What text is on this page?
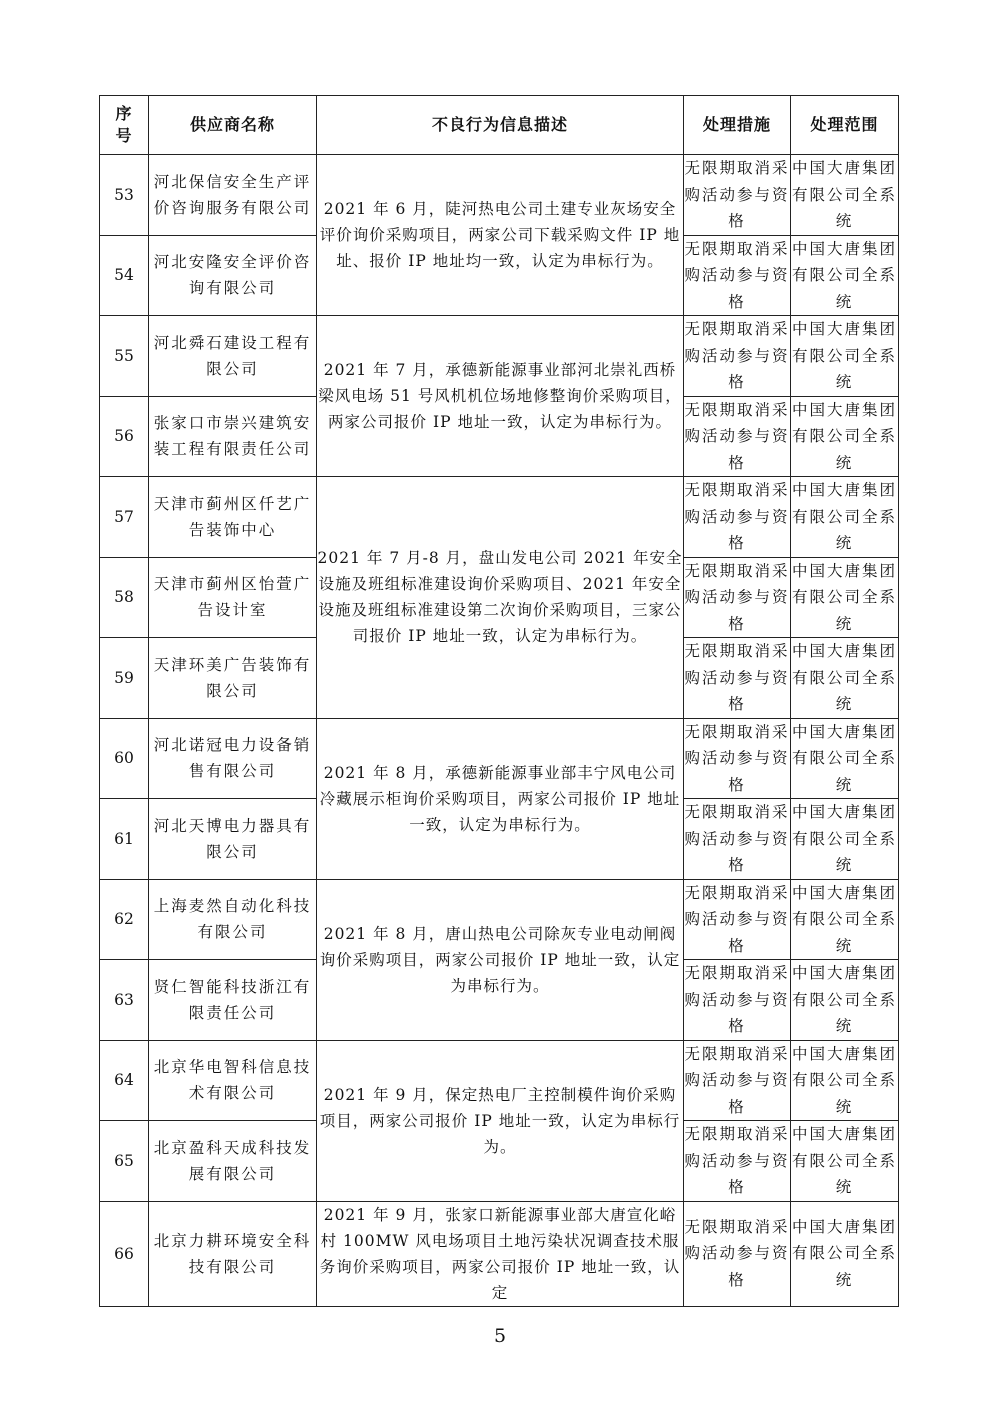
序号	供应商名称	不良行为信息描述	处理措施	处理范围
53	河北保信安全生产评价咨询服务有限公司	2021 年 6 月，陡河热电公司土建专业灰场安全评价询价采购项目，两家公司下载采购文件 IP 地址、报价 IP 地址均一致，认定为串标行为。	无限期取消采购活动参与资格	中国大唐集团有限公司全系统
54	河北安隆安全评价咨询有限公司		无限期取消采购活动参与资格	中国大唐集团有限公司全系统
55	河北舜石建设工程有限公司	2021 年 7 月，承德新能源事业部河北崇礼西桥梁风电场 51 号风机机位场地修整询价采购项目，两家公司报价 IP 地址一致，认定为串标行为。	无限期取消采购活动参与资格	中国大唐集团有限公司全系统
56	张家口市崇兴建筑安装工程有限责任公司		无限期取消采购活动参与资格	中国大唐集团有限公司全系统
57	天津市蓟州区仟艺广告装饰中心	2021 年 7 月-8 月，盘山发电公司 2021 年安全设施及班组标准建设询价采购项目、2021 年安全设施及班组标准建设第二次询价采购项目，三家公司报价 IP 地址一致，认定为串标行为。	无限期取消采购活动参与资格	中国大唐集团有限公司全系统
58	天津市蓟州区怡萱广告设计室		无限期取消采购活动参与资格	中国大唐集团有限公司全系统
59	天津环美广告装饰有限公司		无限期取消采购活动参与资格	中国大唐集团有限公司全系统
60	河北诺冠电力设备销售有限公司	2021 年 8 月，承德新能源事业部丰宁风电公司冷藏展示柜询价采购项目，两家公司报价 IP 地址一致，认定为串标行为。	无限期取消采购活动参与资格	中国大唐集团有限公司全系统
61	河北天博电力器具有限公司		无限期取消采购活动参与资格	中国大唐集团有限公司全系统
62	上海麦然自动化科技有限公司	2021 年 8 月，唐山热电公司除灰专业电动闸阀询价采购项目，两家公司报价 IP 地址一致，认定为串标行为。	无限期取消采购活动参与资格	中国大唐集团有限公司全系统
63	贤仁智能科技浙江有限责任公司		无限期取消采购活动参与资格	中国大唐集团有限公司全系统
64	北京华电智科信息技术有限公司	2021 年 9 月，保定热电厂主控制模件询价采购项目，两家公司报价 IP 地址一致，认定为串标行为。	无限期取消采购活动参与资格	中国大唐集团有限公司全系统
65	北京盈科天成科技发展有限公司		无限期取消采购活动参与资格	中国大唐集团有限公司全系统
66	北京力耕环境安全科技有限公司	2021 年 9 月，张家口新能源事业部大唐宣化峪村 100MW 风电场项目土地污染状况调查技术服务询价采购项目，两家公司报价 IP 地址一致，认定	无限期取消采购活动参与资格	中国大唐集团有限公司全系统
5
